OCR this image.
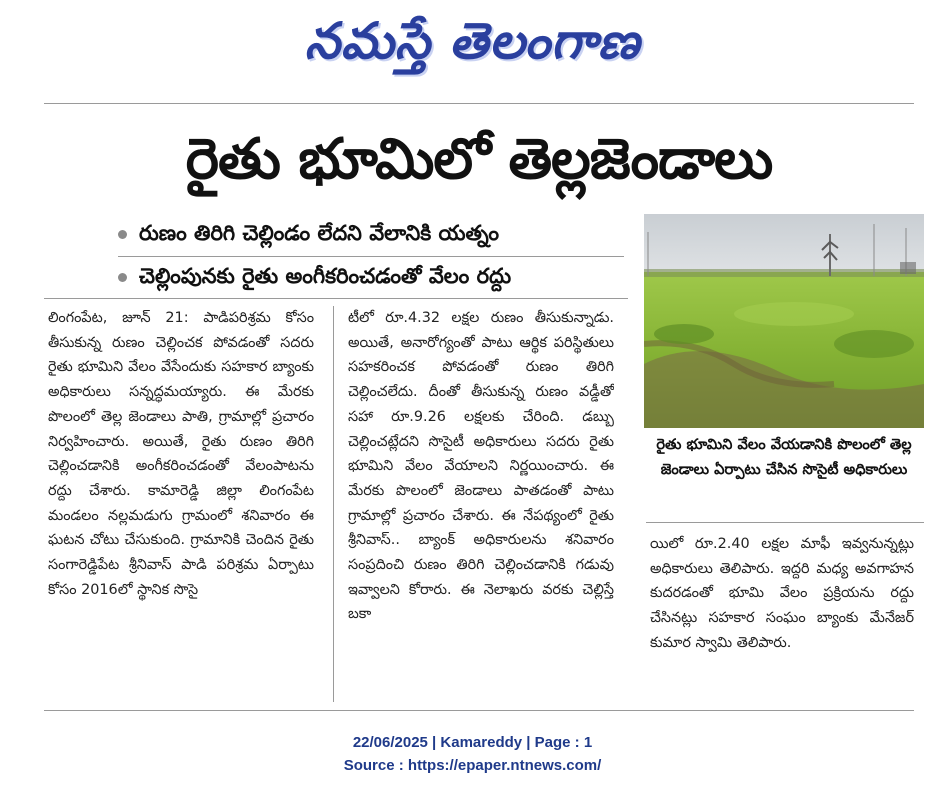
నమస్తే తెలంగాణ
రైతు భూమిలో తెల్లజెండాలు
రుణం తిరిగి చెల్లిండం లేదని వేలానికి యత్నం
చెల్లింపునకు రైతు అంగీకరించడంతో వేలం రద్దు

లింగంపేట, జూన్‌ 21: పాడిపరిశ్రమ కోసం తీసుకున్న రుణం చెల్లించక పోవడంతో సదరు రైతు భూమిని వేలం వేసేందుకు సహకార బ్యాంకు అధికారులు సన్నద్ధమయ్యారు. ఈ మేరకు పొలంలో తెల్ల జెండాలు పాతి, గ్రామాల్లో ప్రచారం నిర్వహించారు. అయితే, రైతు రుణం తిరిగి చెల్లించడానికి అంగీకరించడంతో వేలంపాటను రద్దు చేశారు. కామారెడ్డి జిల్లా లింగంపేట మండలం నల్లమడుగు గ్రామంలో శనివారం ఈ ఘటన చోటు చేసుకుంది. గ్రామానికి చెందిన రైతు సంగారెడ్డిపేట శ్రీనివాస్‌ పాడి పరిశ్రమ ఏర్పాటు కోసం 2016లో స్థానిక సొసై

టీలో రూ.4.32 లక్షల రుణం తీసుకున్నాడు. అయితే, అనారోగ్యంతో పాటు ఆర్థిక పరిస్థితులు సహకరించక పోవడంతో రుణం తిరిగి చెల్లించలేదు. దీంతో తీసుకున్న రుణం వడ్డీతో సహా రూ.9.26 లక్షలకు చేరింది. డబ్బు చెల్లించట్లేదని సొసైటీ అధికారులు సదరు రైతు భూమిని వేలం వేయాలని నిర్ణయించారు. ఈ మేరకు పొలంలో జెండాలు పాతడంతో పాటు గ్రామాల్లో ప్రచారం చేశారు. ఈ నేపథ్యంలో రైతు శ్రీనివాస్‌.. బ్యాంక్‌ అధికారులను శనివారం సంప్రదించి రుణం తిరిగి చెల్లించడానికి గడువు ఇవ్వాలని కోరారు. ఈ నెలాఖరు వరకు చెల్లిస్తే బకా

రైతు భూమిని వేలం వేయడానికి పొలంలో తెల్ల జెండాలు ఏర్పాటు చేసిన సొసైటీ అధికారులు

యిలో రూ.2.40 లక్షల మాఫీ ఇవ్వనున్నట్లు అధికారులు తెలిపారు. ఇద్దరి మధ్య అవగాహన కుదరడంతో భూమి వేలం ప్రక్రియను రద్దు చేసినట్లు సహకార సంఘం బ్యాంకు మేనేజర్‌ కుమార స్వామి తెలిపారు.

22/06/2025 | Kamareddy | Page : 1
Source : https://epaper.ntnews.com/
